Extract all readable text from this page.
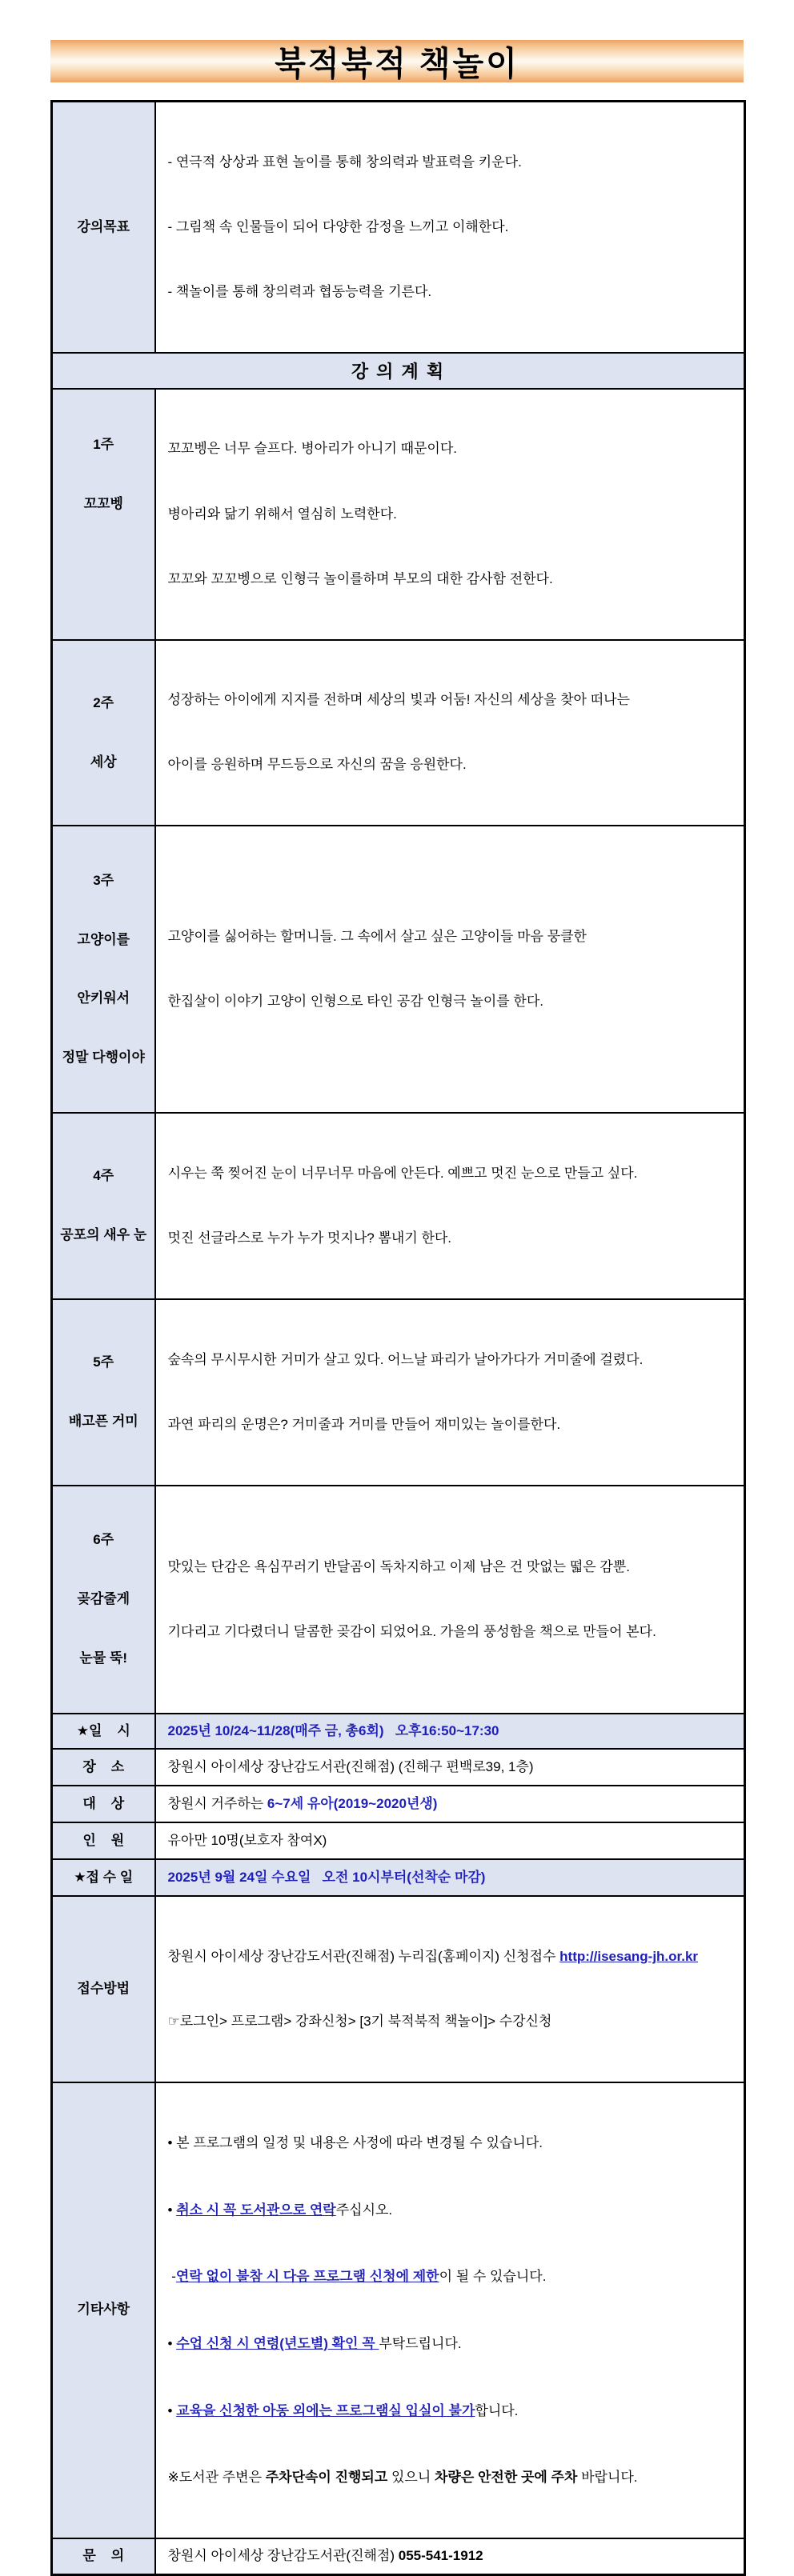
북적북적 책놀이
강의목표	- 연극적 상상과 표현 놀이를 통해 창의력과 발표력을 키운다.

- 그림책 속 인물들이 되어 다양한 감정을 느끼고 이해한다.

- 책놀이를 통해 창의력과 협동능력을 기른다.

강 의 계 획	

1주

꼬꼬벵

꼬꼬벵은 너무 슬프다. 병아리가 아니기 때문이다.

병아리와 닮기 위해서 열심히 노력한다.

꼬꼬와 꼬꼬벵으로 인형극 놀이를하며 부모의 대한 감사함 전한다.

2주

세상

성장하는 아이에게 지지를 전하며 세상의 빛과 어둠! 자신의 세상을 찾아 떠나는

아이를 응원하며 무드등으로 자신의 꿈을 응원한다.

3주

고양이를

안키워서

정말 다행이야

고양이를 싫어하는 할머니들. 그 속에서 살고 싶은 고양이들 마음 뭉클한

한집살이 이야기 고양이 인형으로 타인 공감 인형극 놀이를 한다.

4주

공포의 새우 눈

시우는 쭉 찢어진 눈이 너무너무 마음에 안든다. 예쁘고 멋진 눈으로 만들고 싶다.

멋진 선글라스로 누가 누가 멋지나? 뽐내기 한다.

5주

배고픈 거미

숲속의 무시무시한 거미가 살고 있다. 어느날 파리가 날아가다가 거미줄에 걸렸다.

과연 파리의 운명은? 거미줄과 거미를 만들어 재미있는 놀이를한다.

6주

곶감줄게

눈물 뚝!

맛있는 단감은 욕심꾸러기 반달곰이 독차지하고 이제 남은 건 맛없는 떫은 감뿐.

기다리고 기다렸더니 달콤한 곶감이 되었어요. 가을의 풍성함을 책으로 만들어 본다.

★일    시	2025년 10/24~11/28(매주 금, 총6회)   오후16:50~17:30
장    소	창원시 아이세상 장난감도서관(진해점) (진해구 편백로39, 1층)
대    상	창원시 거주하는 6~7세 유아(2019~2020년생)
인    원	유아만 10명(보호자 참여X)
★접 수 일	2025년 9월 24일 수요일   오전 10시부터(선착순 마감)
접수방법	창원시 아이세상 장난감도서관(진해점) 누리집(홈페이지) 신청접수 http://isesang-jh.or.kr

☞로그인> 프로그램> 강좌신청> [3기 북적북적 책놀이]> 수강신청

기타사항	

• 본 프로그램의 일정 및 내용은 사정에 따라 변경될 수 있습니다.

• 취소 시 꼭 도서관으로 연락주십시오.

-연락 없이 불참 시 다음 프로그램 신청에 제한이 될 수 있습니다.

• 수업 신청 시 연령(년도별) 확인 꼭 부탁드립니다.

• 교육을 신청한 아동 외에는 프로그램실 입실이 불가합니다.

※도서관 주변은 주차단속이 진행되고 있으니 차량은 안전한 곳에 주차 바랍니다.

문    의	창원시 아이세상 장난감도서관(진해점) 055-541-1912
